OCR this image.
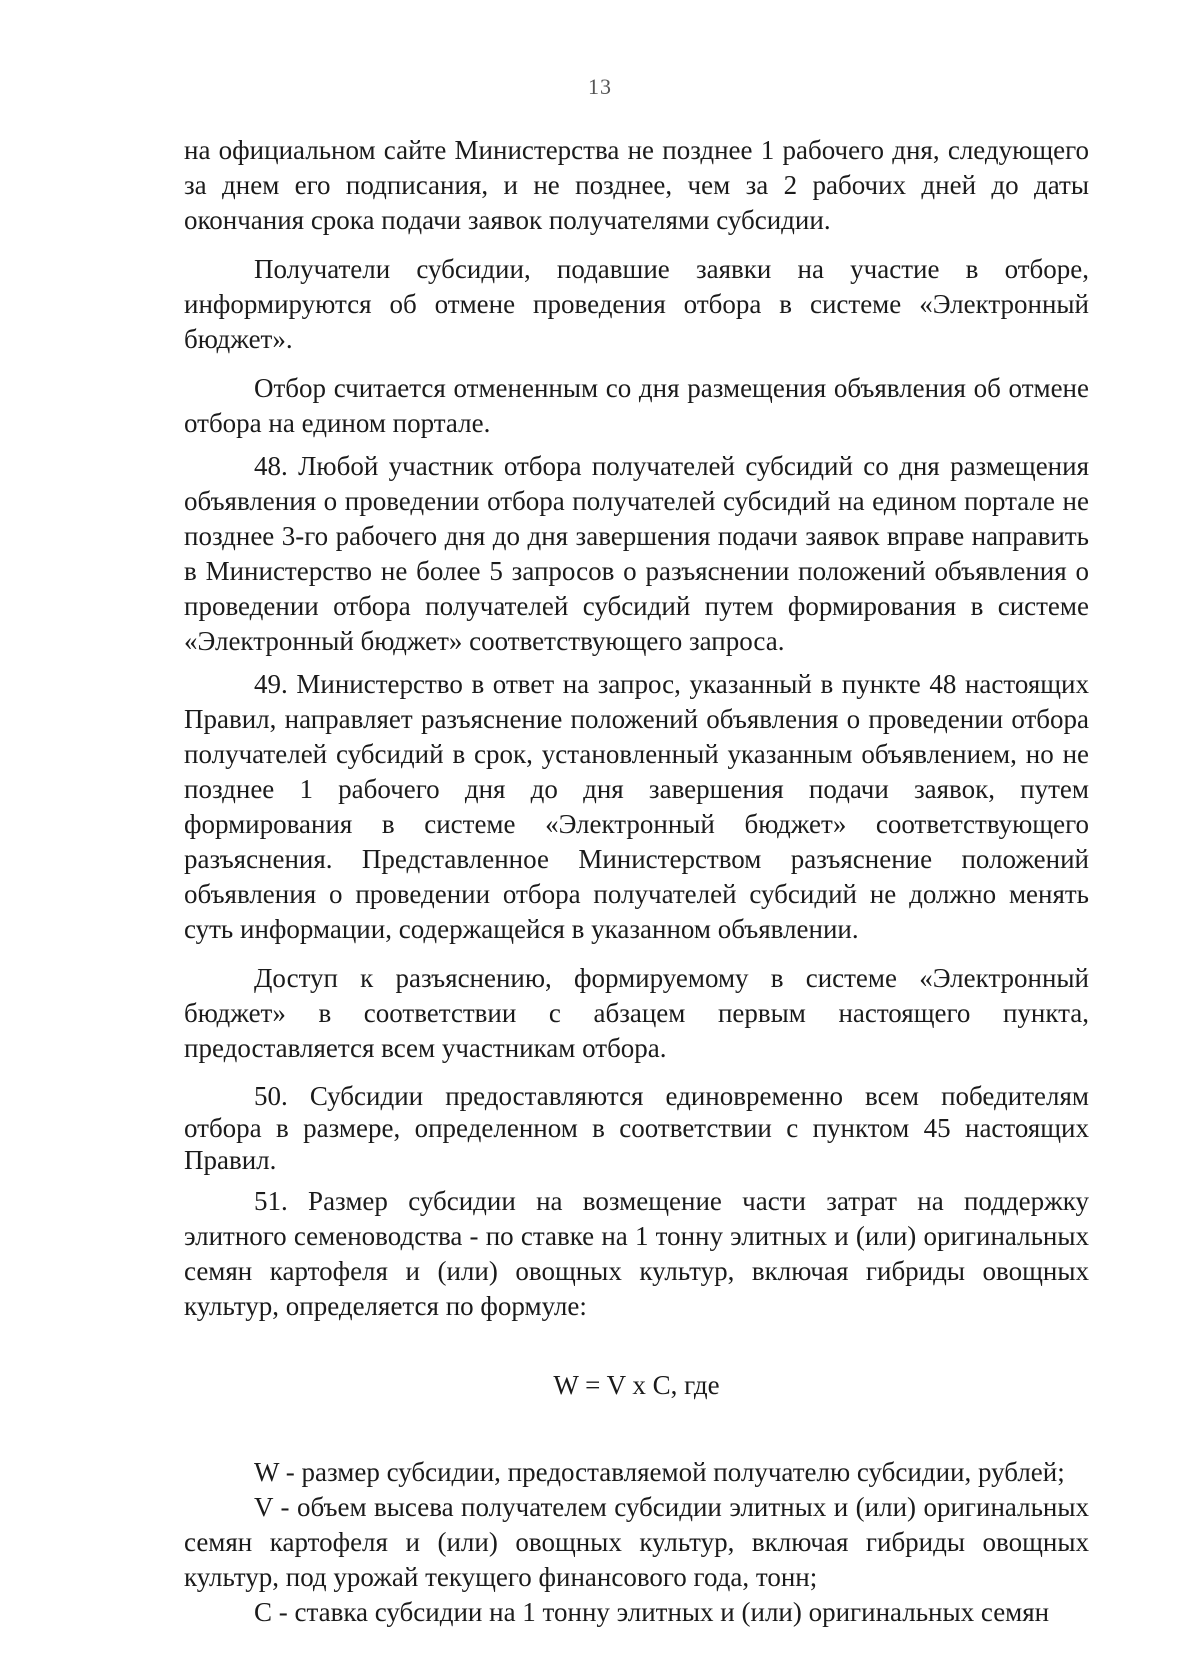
13

на официальном сайте Министерства не позднее 1 рабочего дня, следующего за днем его подписания, и не позднее, чем за 2 рабочих дней до даты окончания срока подачи заявок получателями субсидии.

Получатели субсидии, подавшие заявки на участие в отборе, информируются об отмене проведения отбора в системе «Электронный бюджет».

Отбор считается отмененным со дня размещения объявления об отмене отбора на едином портале.

48. Любой участник отбора получателей субсидий со дня размещения объявления о проведении отбора получателей субсидий на едином портале не позднее 3-го рабочего дня до дня завершения подачи заявок вправе направить в Министерство не более 5 запросов о разъяснении положений объявления о проведении отбора получателей субсидий путем формирования в системе «Электронный бюджет» соответствующего запроса.

49. Министерство в ответ на запрос, указанный в пункте 48 настоящих Правил, направляет разъяснение положений объявления о проведении отбора получателей субсидий в срок, установленный указанным объявлением, но не позднее 1 рабочего дня до дня завершения подачи заявок, путем формирования в системе «Электронный бюджет» соответствующего разъяснения. Представленное Министерством разъяснение положений объявления о проведении отбора получателей субсидий не должно менять суть информации, содержащейся в указанном объявлении.

Доступ к разъяснению, формируемому в системе «Электронный бюджет» в соответствии с абзацем первым настоящего пункта, предоставляется всем участникам отбора.

50. Субсидии предоставляются единовременно всем победителям отбора в размере, определенном в соответствии с пунктом 45 настоящих Правил.

51. Размер субсидии на возмещение части затрат на поддержку элитного семеноводства - по ставке на 1 тонну элитных и (или) оригинальных семян картофеля и (или) овощных культур, включая гибриды овощных культур, определяется по формуле:

W = V x C, где

W - размер субсидии, предоставляемой получателю субсидии, рублей;

V - объем высева получателем субсидии элитных и (или) оригинальных семян картофеля и (или) овощных культур, включая гибриды овощных культур, под урожай текущего финансового года, тонн;

C - ставка субсидии на 1 тонну элитных и (или) оригинальных семян
